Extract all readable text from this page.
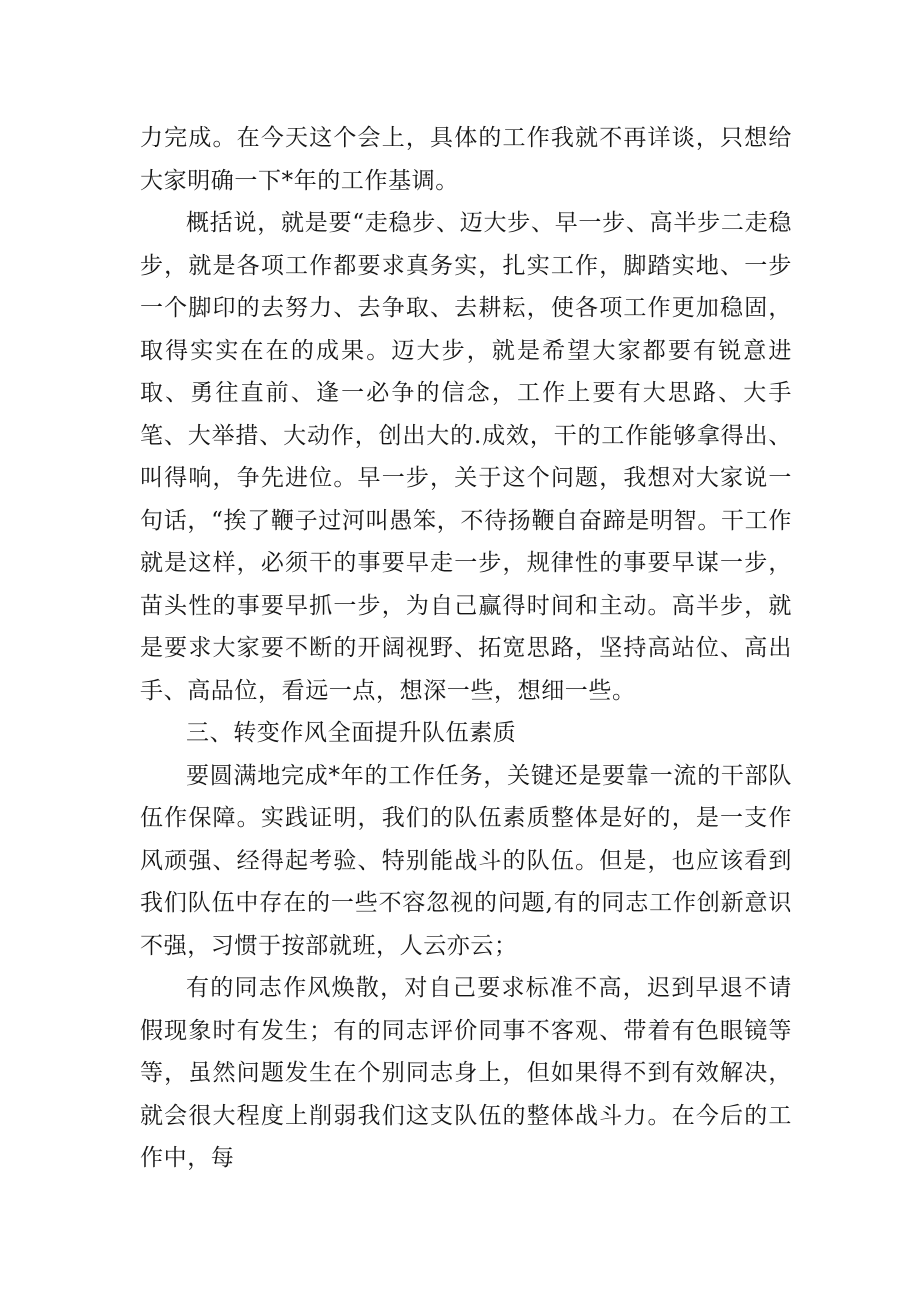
力完成。在今天这个会上，具体的工作我就不再详谈，只想给大家明确一下*年的工作基调。

概括说，就是要“走稳步、迈大步、早一步、高半步二走稳步，就是各项工作都要求真务实，扎实工作，脚踏实地、一步一个脚印的去努力、去争取、去耕耘，使各项工作更加稳固，取得实实在在的成果。迈大步，就是希望大家都要有锐意进取、勇往直前、逢一必争的信念，工作上要有大思路、大手笔、大举措、大动作，创出大的.成效，干的工作能够拿得出、叫得响，争先进位。早一步，关于这个问题，我想对大家说一句话，“挨了鞭子过河叫愚笨，不待扬鞭自奋蹄是明智。干工作就是这样，必须干的事要早走一步，规律性的事要早谋一步，苗头性的事要早抓一步，为自己赢得时间和主动。高半步，就是要求大家要不断的开阔视野、拓宽思路，坚持高站位、高出手、高品位，看远一点，想深一些，想细一些。

三、转变作风全面提升队伍素质

要圆满地完成*年的工作任务，关键还是要靠一流的干部队伍作保障。实践证明，我们的队伍素质整体是好的，是一支作风顽强、经得起考验、特别能战斗的队伍。但是，也应该看到我们队伍中存在的一些不容忽视的问题,有的同志工作创新意识不强，习惯于按部就班，人云亦云；

有的同志作风焕散，对自己要求标准不高，迟到早退不请假现象时有发生；有的同志评价同事不客观、带着有色眼镜等等，虽然问题发生在个别同志身上，但如果得不到有效解决，就会很大程度上削弱我们这支队伍的整体战斗力。在今后的工作中，每
